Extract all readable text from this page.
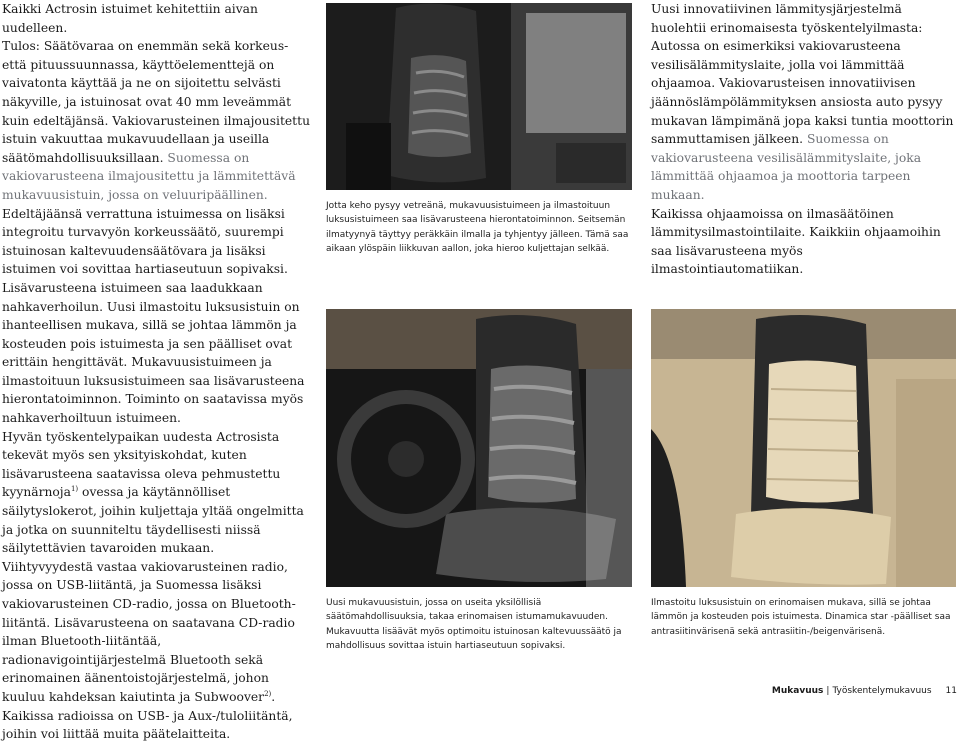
Kaikki Actrosin istuimet kehitettiin aivan uudelleen.

Tulos: Säätövaraa on enemmän sekä korkeus- että pituussuunnassa, käyttöelementtejä on vaivatonta käyttää ja ne on sijoitettu selvästi näkyville, ja istuinosat ovat 40 mm leveämmät kuin edeltäjänsä. Vakiovarusteinen ilmajousitettu istuin vakuuttaa mukavuudellaan ja useilla säätömahdollisuuksillaan. Suomessa on vakiovarusteena ilmajousitettu ja lämmitettävä mukavuusistuin, jossa on veluuripäällinen. Edeltäjäänsä verrattuna istuimessa on lisäksi integroitu turvavyön korkeussäätö, suurempi istuinosan kaltevuudensäätövara ja lisäksi istuimen voi sovittaa hartiaseutuun sopivaksi. Lisävarusteena istuimeen saa laadukkaan nahkaverhoilun. Uusi ilmastoitu luksusistuin on ihanteellisen mukava, sillä se johtaa lämmön ja kosteuden pois istuimesta ja sen päälliset ovat erittäin hengittävät. Mukavuusistuimeen ja ilmastoituun luksusistuimeen saa lisävarusteena hierontatoiminnon. Toiminto on saatavissa myös nahkaverhoiltuun istuimeen.

Hyvän työskentelypaikan uudesta Actrosista tekevät myös sen yksityiskohdat, kuten lisävarusteena saatavissa oleva pehmustettu kyynärnoja$^{1)}$ ovessa ja käytännölliset säilytyslokerot, joihin kuljettaja yltää ongelmitta ja jotka on suunniteltu täydellisesti niissä säilytettävien tavaroiden mukaan.

Viihtyvyydestä vastaa vakiovarusteinen radio, jossa on USB-liitäntä, ja Suomessa lisäksi vakiovarusteinen CD-radio, jossa on Bluetooth-liitäntä. Lisävarusteena on saatavana CD-radio ilman Bluetooth-liitäntää, radionavigointijärjestelmä Bluetooth sekä erinomainen äänentoistojärjestelmä, johon kuuluu kahdeksan kaiutinta ja Subwoover$^{2)}$. Kaikissa radioissa on USB- ja Aux-/tuloliitäntä, joihin voi liittää muita päätelaitteita.

Jotta keho pysyy vetreänä, mukavuusistuimeen ja ilmastoituun luksusistuimeen saa lisävarusteena hierontatoiminnon. Seitsemän ilmatyynyä täyttyy peräkkäin ilmalla ja tyhjentyy jälleen. Tämä saa aikaan ylöspäin liikkuvan aallon, joka hieroo kuljettajan selkää.

Uusi innovatiivinen lämmitysjärjestelmä huolehtii erinomaisesta työskentelyilmasta: Autossa on esimerkiksi vakiovarusteena vesilisälämmityslaite, jolla voi lämmittää ohjaamoa. Vakiovarusteisen innovatiivisen jäännöslämpölämmityksen ansiosta auto pysyy mukavan lämpimänä jopa kaksi tuntia moottorin sammuttamisen jälkeen. Suomessa on vakiovarusteena vesilisälämmityslaite, joka lämmittää ohjaamoa ja moottoria tarpeen mukaan.

Kaikissa ohjaamoissa on ilmasäätöinen lämmitysilmastointilaite. Kaikkiin ohjaamoihin saa lisävarusteena myös ilmastointiautomatiikan.

Uusi mukavuusistuin, jossa on useita yksilöllisiä säätömahdollisuuksia, takaa erinomaisen istumamukavuuden. Mukavuutta lisäävät myös optimoitu istuinosan kaltevuussäätö ja mahdollisuus sovittaa istuin hartiaseutuun sopivaksi.
Ilmastoitu luksusistuin on erinomaisen mukava, sillä se johtaa lämmön ja kosteuden pois istuimesta. Dinamica star -päälliset saa antrasiitinvärisenä sekä antrasiitin-/beigenvärisenä.
Mukavuus | Työskentelymukavuus 11
